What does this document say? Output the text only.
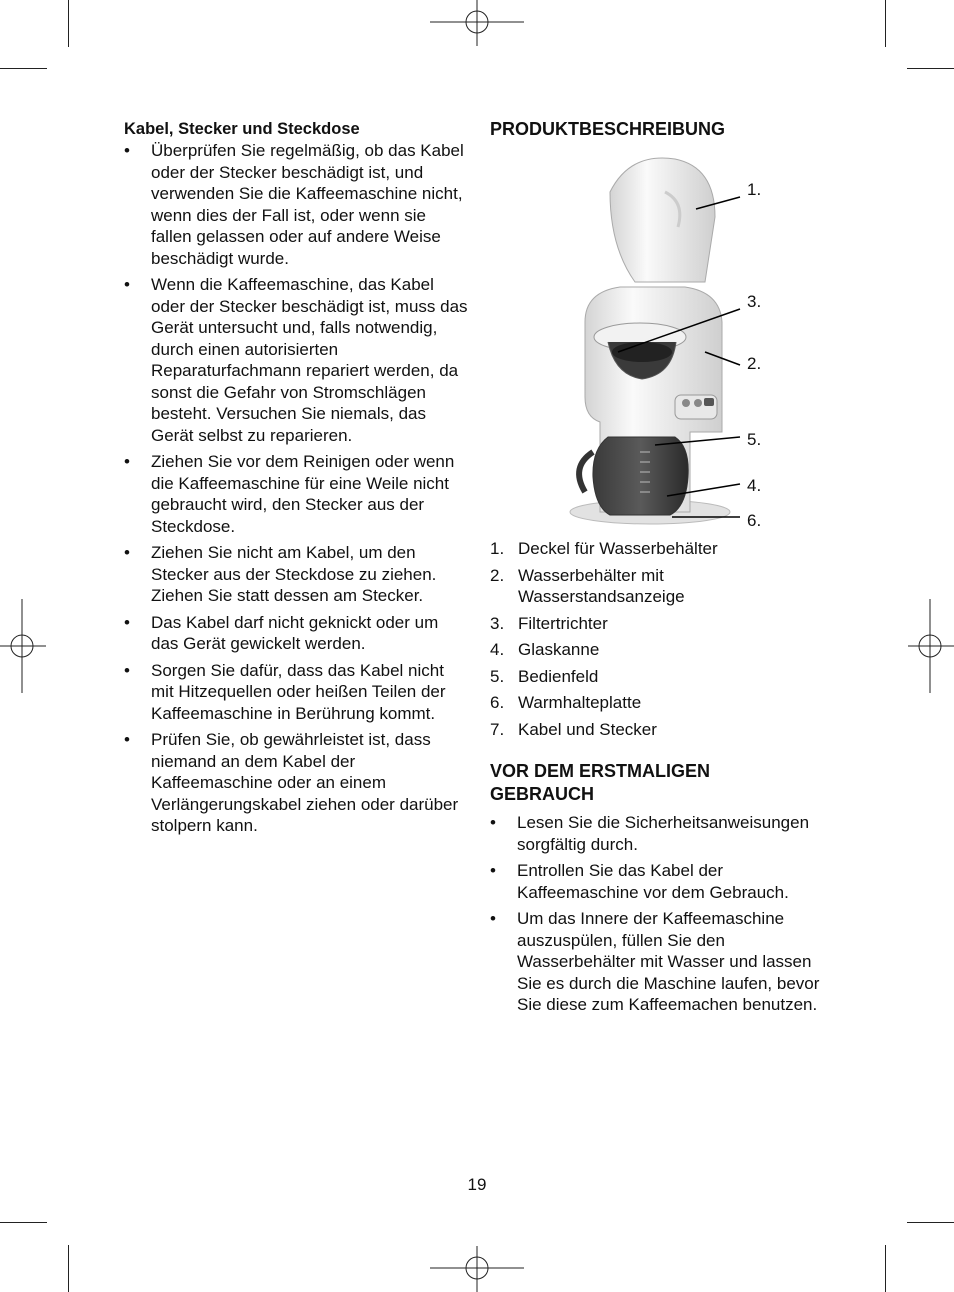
Kabel, Stecker und Steckdose

• Überprüfen Sie regelmäßig, ob das Kabel oder der Stecker beschädigt ist, und verwenden Sie die Kaffeemaschine nicht, wenn dies der Fall ist, oder wenn sie fallen gelassen oder auf andere Weise beschädigt wurde.
• Wenn die Kaffeemaschine, das Kabel oder der Stecker beschädigt ist, muss das Gerät untersucht und, falls notwendig, durch einen autorisierten Reparaturfachmann repariert werden, da sonst die Gefahr von Stromschlägen besteht. Versuchen Sie niemals, das Gerät selbst zu reparieren.
• Ziehen Sie vor dem Reinigen oder wenn die Kaffeemaschine für eine Weile nicht gebraucht wird, den Stecker aus der Steckdose.
• Ziehen Sie nicht am Kabel, um den Stecker aus der Steckdose zu ziehen. Ziehen Sie statt dessen am Stecker.
• Das Kabel darf nicht geknickt oder um das Gerät gewickelt werden.
• Sorgen Sie dafür, dass das Kabel nicht mit Hitzequellen oder heißen Teilen der Kaffeemaschine in Berührung kommt.
• Prüfen Sie, ob gewährleistet ist, dass niemand an dem Kabel der Kaffeemaschine oder an einem Verlängerungskabel ziehen oder darüber stolpern kann.

PRODUKTBESCHREIBUNG

1.
3.
2.
5.
4.
6.
1. Deckel für Wasserbehälter
2. Wasserbehälter mit Wasserstandsanzeige
3. Filtertrichter
4. Glaskanne
5. Bedienfeld
6. Warmhalteplatte
7. Kabel und Stecker

VOR DEM ERSTMALIGEN GEBRAUCH

• Lesen Sie die Sicherheitsanweisungen sorgfältig durch.
• Entrollen Sie das Kabel der Kaffeemaschine vor dem Gebrauch.
• Um das Innere der Kaffeemaschine auszuspülen, füllen Sie den Wasserbehälter mit Wasser und lassen Sie es durch die Maschine laufen, bevor Sie diese zum Kaffeemachen benutzen.
19
